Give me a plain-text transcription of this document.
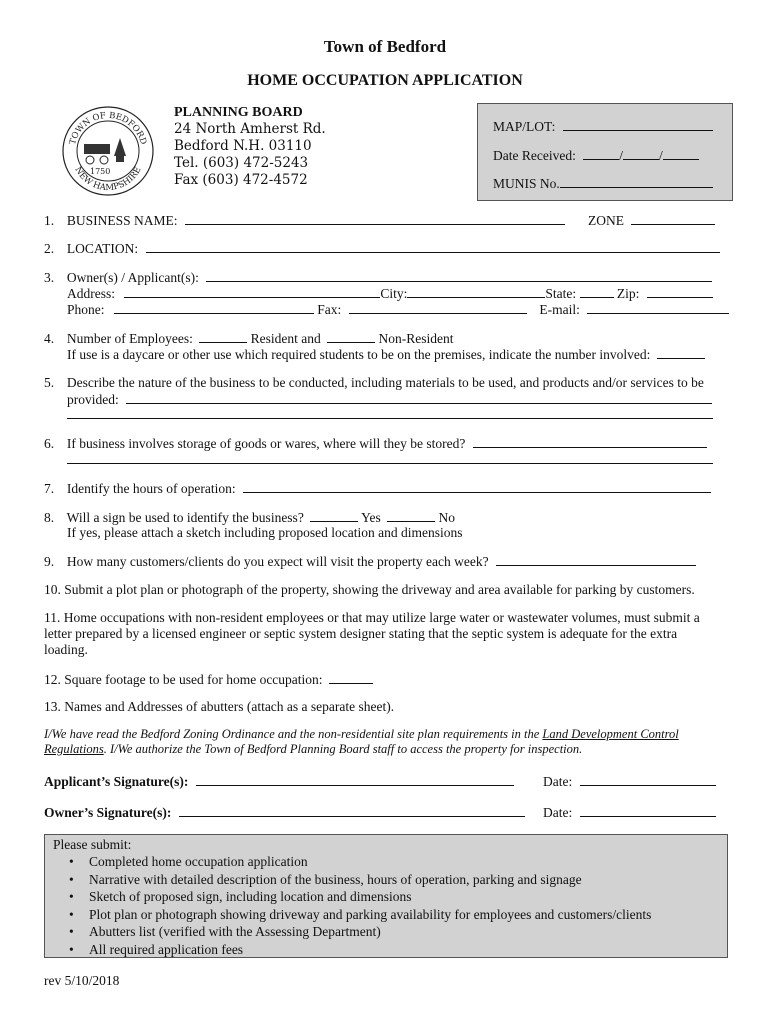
Town of Bedford
HOME OCCUPATION APPLICATION
TOWN OF BEDFORD
NEW HAMPSHIRE
1750
PLANNING BOARD
24 North Amherst Rd.
Bedford N.H. 03110
Tel. (603) 472-5243
Fax (603) 472-4572
MAP/LOT:
Date Received:	/	/
MUNIS No.
1. BUSINESS NAME:	ZONE
2. LOCATION:
3. Owner(s) / Applicant(s):
Address:	City:	State:	Zip:
Phone:	Fax:	E-mail:
4. Number of Employees:	Resident and	Non-Resident
If use is a daycare or other use which required students to be on the premises, indicate the number involved:
5. Describe the nature of the business to be conducted, including materials to be used, and products and/or services to be
provided:
6. If business involves storage of goods or wares, where will they be stored?
7. Identify the hours of operation:
8. Will a sign be used to identify the business?	Yes	No
If yes, please attach a sketch including proposed location and dimensions
9. How many customers/clients do you expect will visit the property each week?
10. Submit a plot plan or photograph of the property, showing the driveway and area available for parking by customers.
11. Home occupations with non-resident employees or that may utilize large water or wastewater volumes, must submit a
letter prepared by a licensed engineer or septic system designer stating that the septic system is adequate for the extra
loading.
12. Square footage to be used for home occupation:
13. Names and Addresses of abutters (attach as a separate sheet).
I/We have read the Bedford Zoning Ordinance and the non-residential site plan requirements in the Land Development Control
Regulations. I/We authorize the Town of Bedford Planning Board staff to access the property for inspection.
Applicant’s Signature(s):	Date:
Owner’s Signature(s):	Date:
Please submit:
• Completed home occupation application
• Narrative with detailed description of the business, hours of operation, parking and signage
• Sketch of proposed sign, including location and dimensions
• Plot plan or photograph showing driveway and parking availability for employees and customers/clients
• Abutters list (verified with the Assessing Department)
• All required application fees
rev 5/10/2018
